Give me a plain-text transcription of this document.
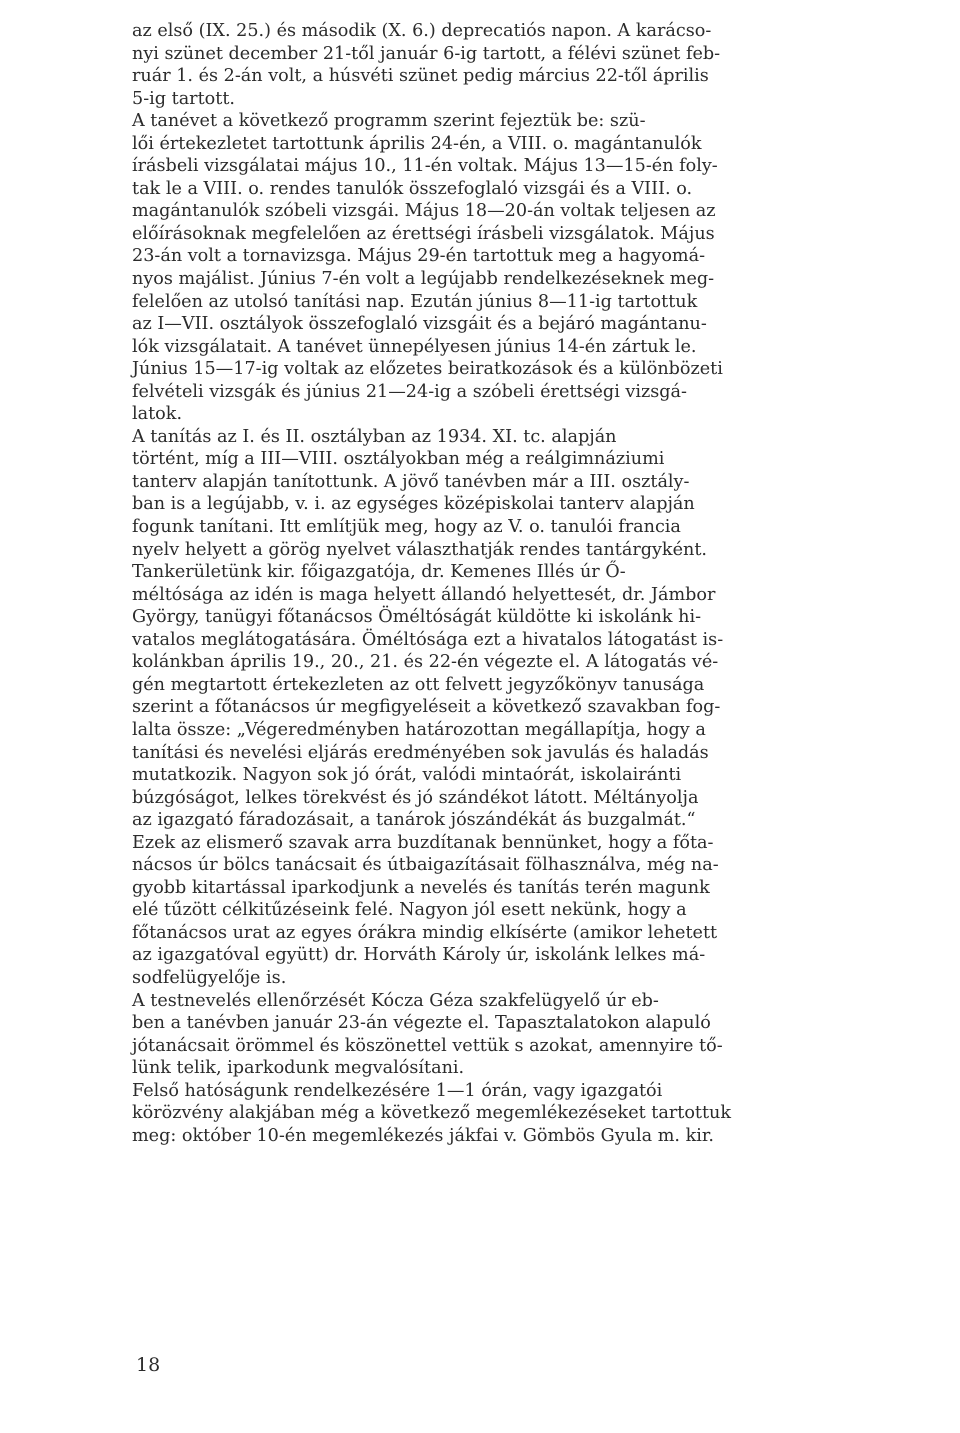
az első (IX. 25.) és második (X. 6.) deprecatiós napon. A karácso-
nyi szünet december 21-től január 6-ig tartott, a félévi szünet feb-
ruár 1. és 2-án volt, a húsvéti szünet pedig március 22-től április
5-ig tartott.

A tanévet a következő programm szerint fejeztük be: szü-
lői értekezletet tartottunk április 24-én, a VIII. o. magántanulók
írásbeli vizsgálatai május 10., 11-én voltak. Május 13—15-én foly-
tak le a VIII. o. rendes tanulók összefoglaló vizsgái és a VIII. o.
magántanulók szóbeli vizsgái. Május 18—20-án voltak teljesen az
előírásoknak megfelelően az érettségi írásbeli vizsgálatok. Május
23-án volt a tornavizsga. Május 29-én tartottuk meg a hagyomá-
nyos majálist. Június 7-én volt a legújabb rendelkezéseknek meg-
felelően az utolsó tanítási nap. Ezután június 8—11-ig tartottuk
az I—VII. osztályok összefoglaló vizsgáit és a bejáró magántanu-
lók vizsgálatait. A tanévet ünnepélyesen június 14-én zártuk le.
Június 15—17-ig voltak az előzetes beiratkozások és a különbözeti
felvételi vizsgák és június 21—24-ig a szóbeli érettségi vizsgá-
latok.

A tanítás az I. és II. osztályban az 1934. XI. tc. alapján
történt, míg a III—VIII. osztályokban még a reálgimnáziumi
tanterv alapján tanítottunk. A jövő tanévben már a III. osztály-
ban is a legújabb, v. i. az egységes középiskolai tanterv alapján
fogunk tanítani. Itt említjük meg, hogy az V. o. tanulói francia
nyelv helyett a görög nyelvet választhatják rendes tantárgyként.

Tankerületünk kir. főigazgatója, dr. Kemenes Illés úr Ő-
méltósága az idén is maga helyett állandó helyettesét, dr. Jámbor
György, tanügyi főtanácsos Öméltóságát küldötte ki iskolánk hi-
vatalos meglátogatására. Öméltósága ezt a hivatalos látogatást is-
kolánkban április 19., 20., 21. és 22-én végezte el. A látogatás vé-
gén megtartott értekezleten az ott felvett jegyzőkönyv tanusága
szerint a főtanácsos úr megfigyeléseit a következő szavakban fog-
lalta össze: „Végeredményben határozottan megállapítja, hogy a
tanítási és nevelési eljárás eredményében sok javulás és haladás
mutatkozik. Nagyon sok jó órát, valódi mintaórát, iskolairánti
búzgóságot, lelkes törekvést és jó szándékot látott. Méltányolja
az igazgató fáradozásait, a tanárok jószándékát ás buzgalmát.“
Ezek az elismerő szavak arra buzdítanak bennünket, hogy a főta-
nácsos úr bölcs tanácsait és útbaigazításait fölhasználva, még na-
gyobb kitartással iparkodjunk a nevelés és tanítás terén magunk
elé tűzött célkitűzéseink felé. Nagyon jól esett nekünk, hogy a
főtanácsos urat az egyes órákra mindig elkísérte (amikor lehetett
az igazgatóval együtt) dr. Horváth Károly úr, iskolánk lelkes má-
sodfelügyelője is.

A testnevelés ellenőrzését Kócza Géza szakfelügyelő úr eb-
ben a tanévben január 23-án végezte el. Tapasztalatokon alapuló
jótanácsait örömmel és köszönettel vettük s azokat, amennyire tő-
lünk telik, iparkodunk megvalósítani.

Felső hatóságunk rendelkezésére 1—1 órán, vagy igazgatói
körözvény alakjában még a következő megemlékezéseket tartottuk
meg: október 10-én megemlékezés jákfai v. Gömbös Gyula m. kir.

18
